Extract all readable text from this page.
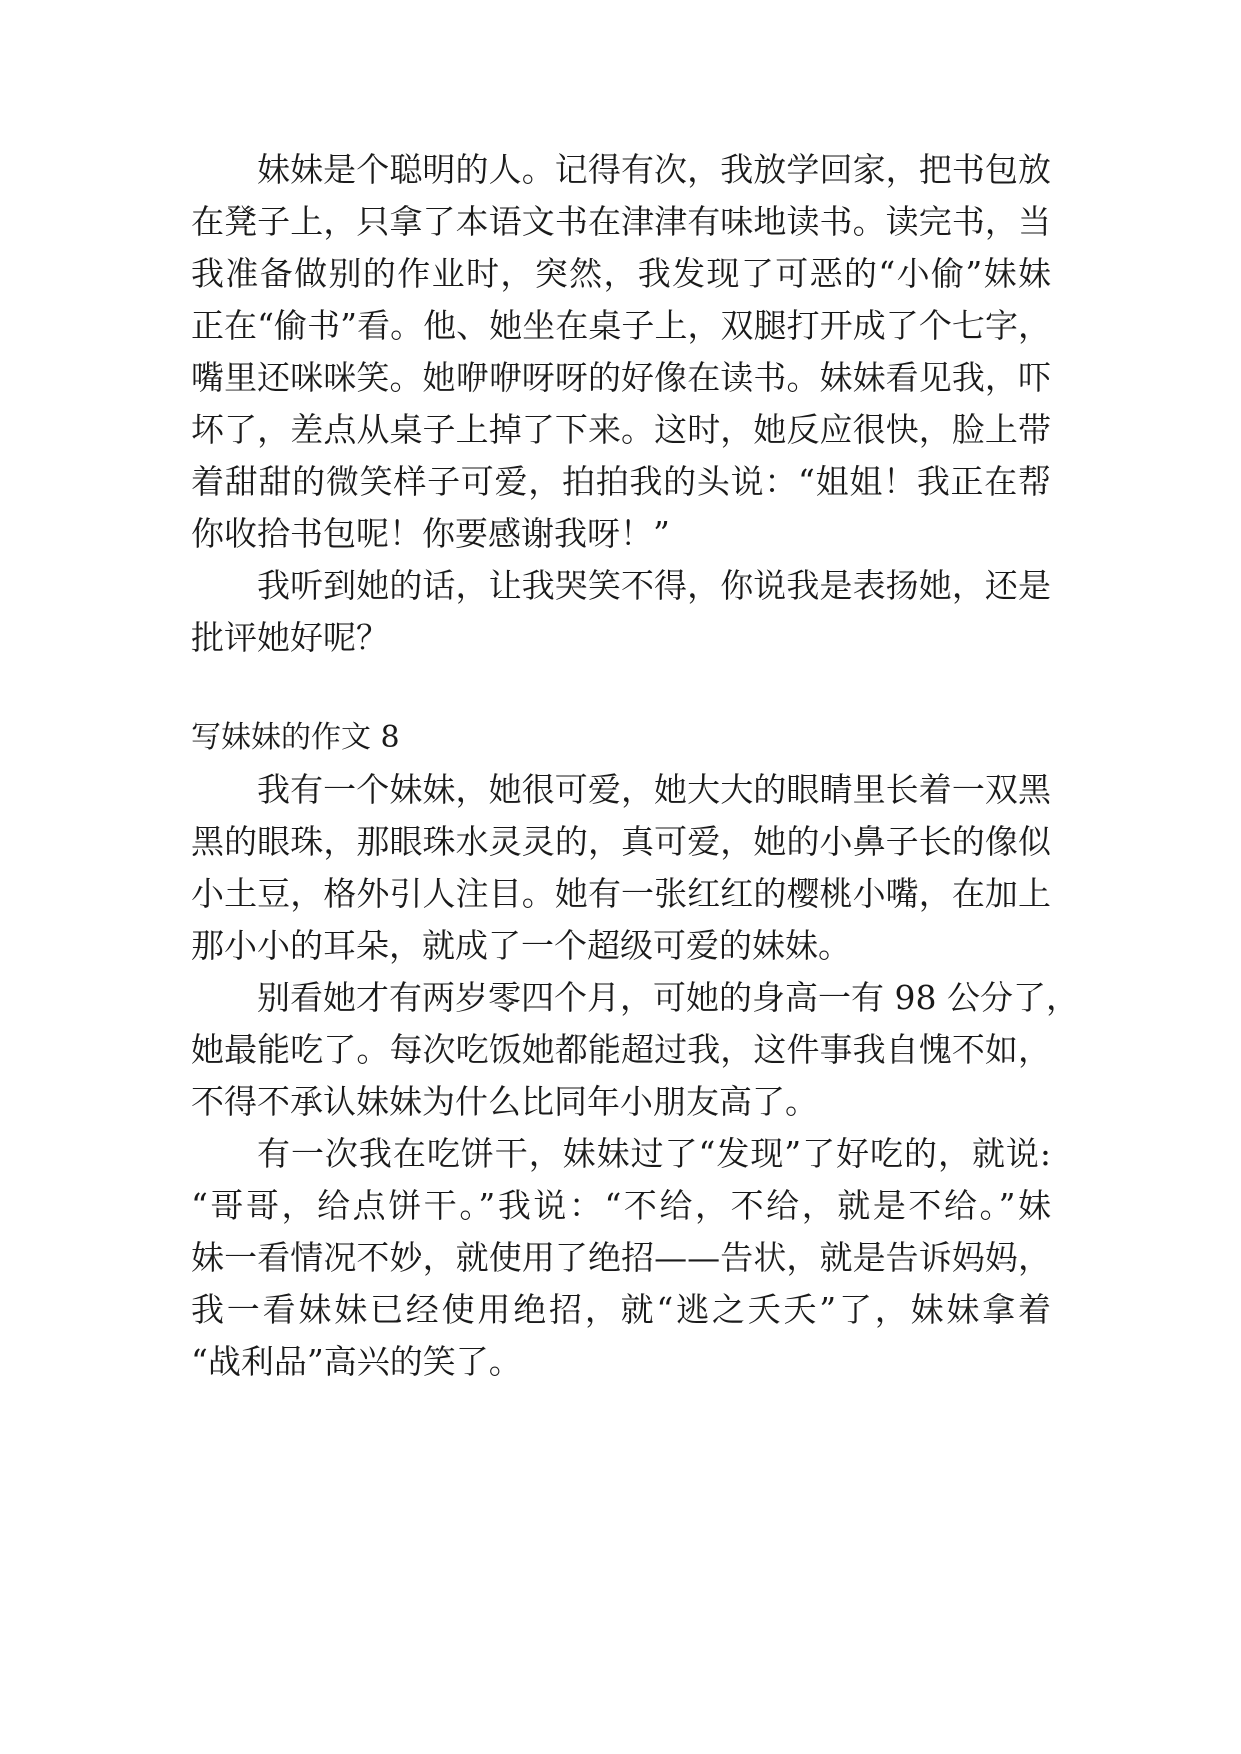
妹妹是个聪明的人。记得有次，我放学回家，把书包放
在凳子上，只拿了本语文书在津津有味地读书。读完书，当
我准备做别的作业时，突然，我发现了可恶的“小偷”妹妹
正在“偷书”看。他、她坐在桌子上，双腿打开成了个七字，
嘴里还咪咪笑。她咿咿呀呀的好像在读书。妹妹看见我，吓
坏了，差点从桌子上掉了下来。这时，她反应很快，脸上带
着甜甜的微笑样子可爱，拍拍我的头说：“姐姐！我正在帮
你收拾书包呢！你要感谢我呀！”
我听到她的话，让我哭笑不得，你说我是表扬她，还是
批评她好呢？
写妹妹的作文 8
我有一个妹妹，她很可爱，她大大的眼睛里长着一双黑
黑的眼珠，那眼珠水灵灵的，真可爱，她的小鼻子长的像似
小土豆，格外引人注目。她有一张红红的樱桃小嘴，在加上
那小小的耳朵，就成了一个超级可爱的妹妹。
别看她才有两岁零四个月，可她的身高一有 98 公分了，
她最能吃了。每次吃饭她都能超过我，这件事我自愧不如，
不得不承认妹妹为什么比同年小朋友高了。
有一次我在吃饼干，妹妹过了“发现”了好吃的，就说:
“哥哥，给点饼干。”我说：“不给，不给，就是不给。”妹
妹一看情况不妙，就使用了绝招——告状，就是告诉妈妈，
我一看妹妹已经使用绝招，就“逃之夭夭”了，妹妹拿着
“战利品”高兴的笑了。
